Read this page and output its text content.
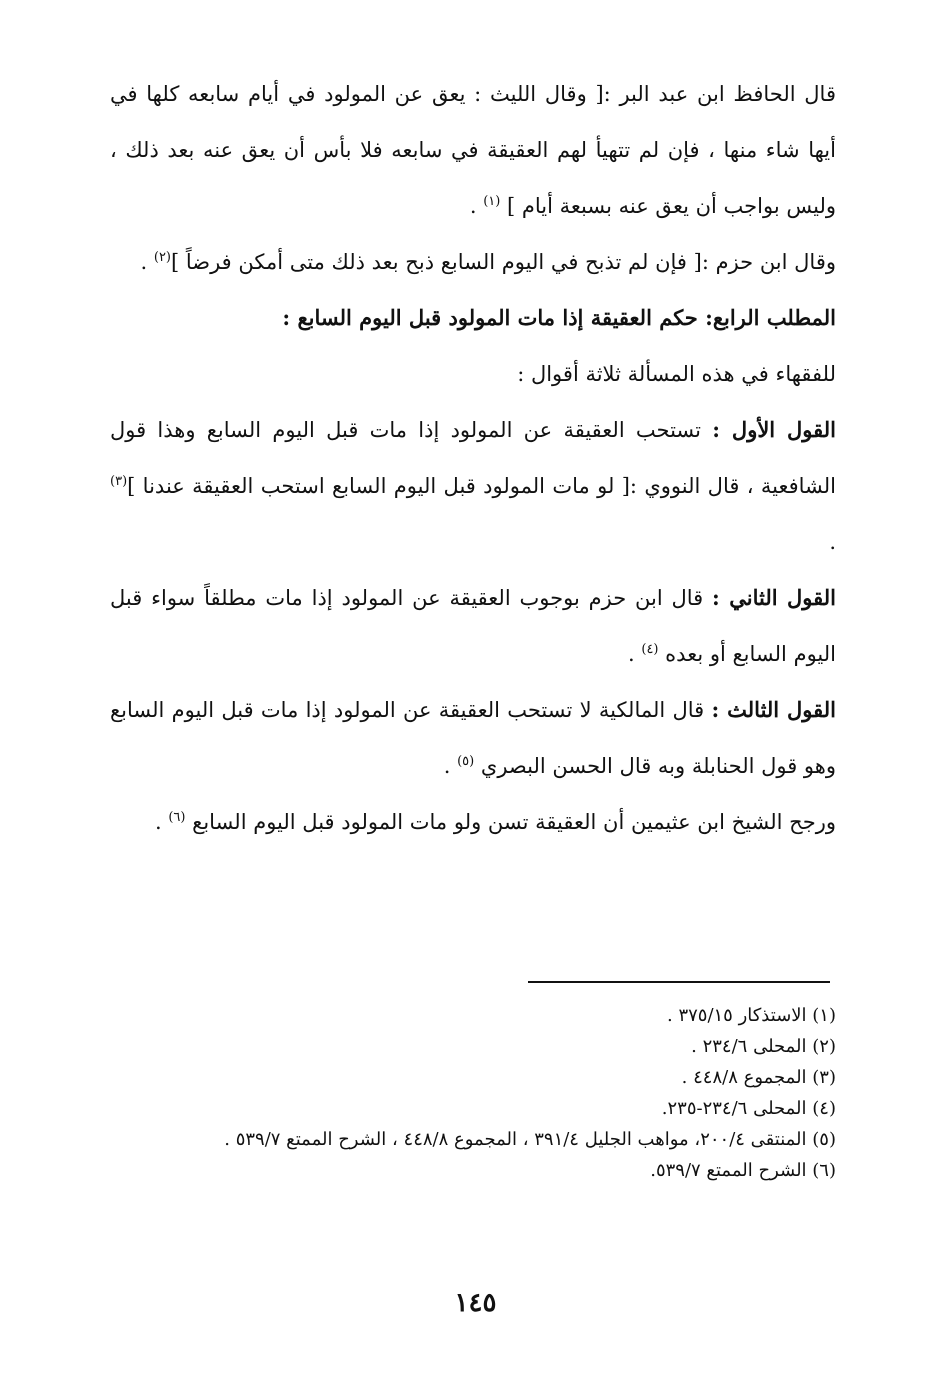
قال الحافظ ابن عبد البر :[ وقال الليث : يعق عن المولود في أيام سابعه كلها في أيها شاء منها ، فإن لم تتهيأ لهم العقيقة في سابعه فلا بأس أن يعق عنه بعد ذلك ، وليس بواجب أن يعق عنه بسبعة أيام ] $^{(١)}$ .

وقال ابن حزم :[ فإن لم تذبح في اليوم السابع ذبح بعد ذلك متى أمكن فرضاً ]$^{(٢)}$ .

المطلب الرابع: حكم العقيقة إذا مات المولود قبل اليوم السابع :

للفقهاء في هذه المسألة ثلاثة أقوال :

القول الأول : تستحب العقيقة عن المولود إذا مات قبل اليوم السابع وهذا قول الشافعية ، قال النووي :[ لو مات المولود قبل اليوم السابع استحب العقيقة عندنا ]$^{(٣)}$ .

القول الثاني : قال ابن حزم بوجوب العقيقة عن المولود إذا مات مطلقاً سواء قبل اليوم السابع أو بعده $^{(٤)}$ .

القول الثالث : قال المالكية لا تستحب العقيقة عن المولود إذا مات قبل اليوم السابع وهو قول الحنابلة وبه قال الحسن البصري $^{(٥)}$ .

ورجح الشيخ ابن عثيمين أن العقيقة تسن ولو مات المولود قبل اليوم السابع $^{(٦)}$ .

(١) الاستذكار ٣٧٥/١٥ .

(٢) المحلى ٢٣٤/٦ .

(٣) المجموع ٤٤٨/٨ .

(٤) المحلى ٢٣٤/٦-٢٣٥.

(٥) المنتقى ٢٠٠/٤، مواهب الجليل ٣٩١/٤ ، المجموع ٤٤٨/٨ ، الشرح الممتع ٥٣٩/٧ .

(٦) الشرح الممتع ٥٣٩/٧.

١٤٥
